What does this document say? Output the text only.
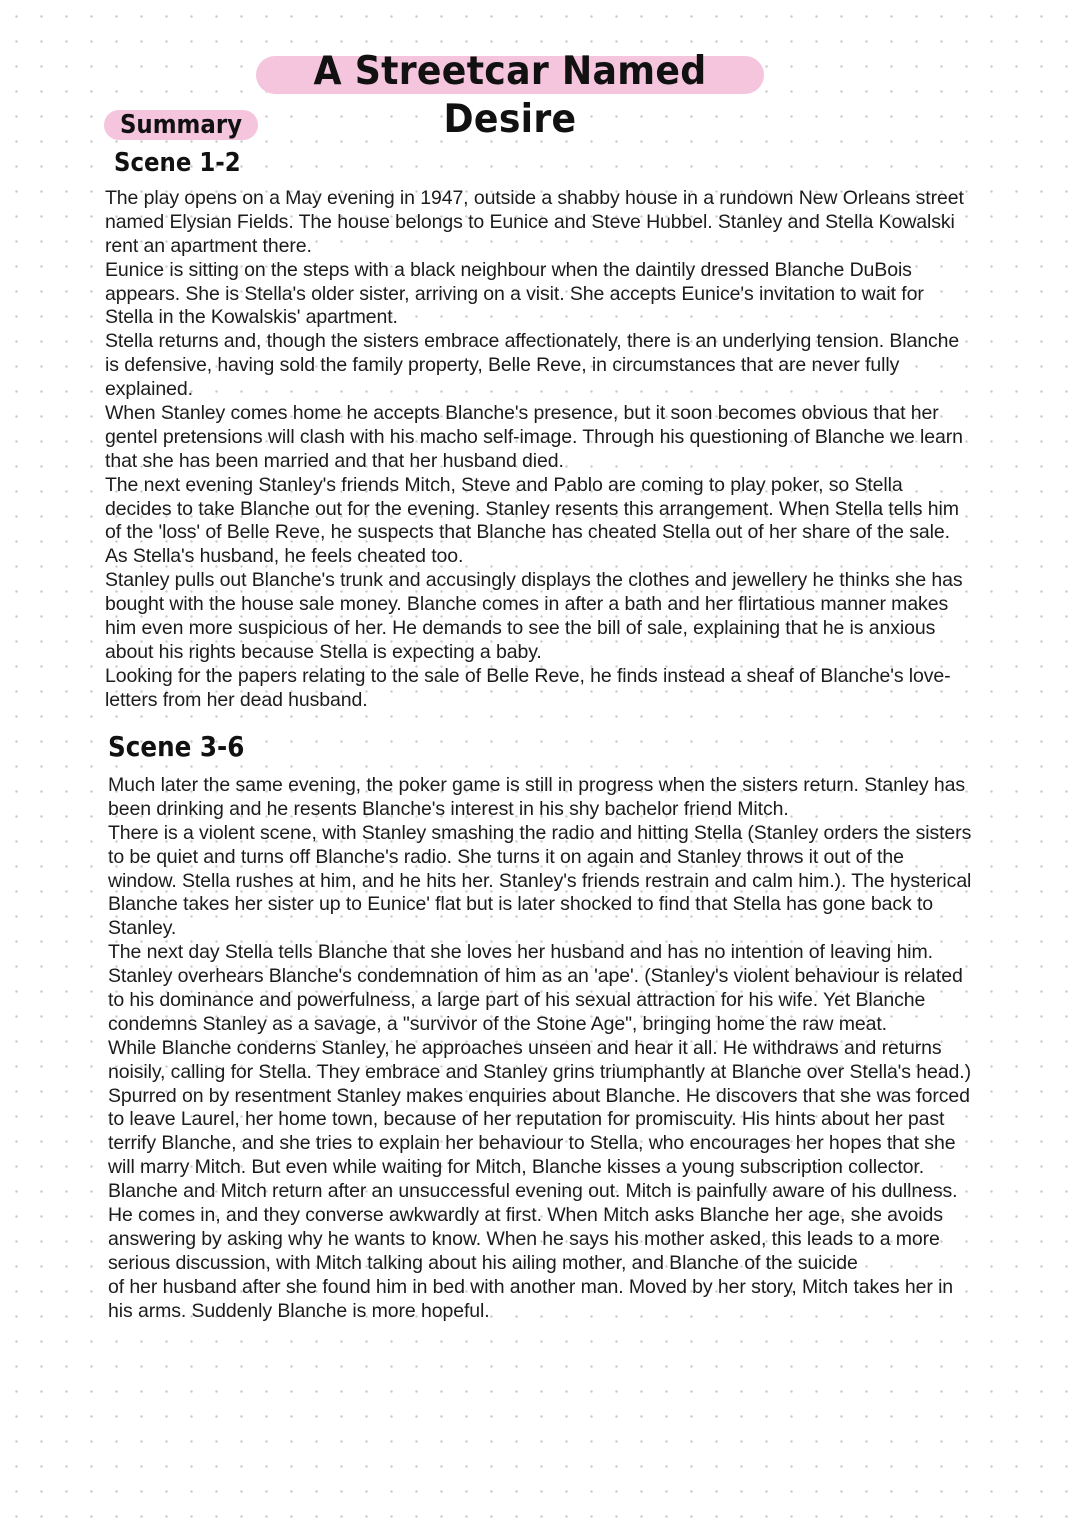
A Streetcar Named Desire
Summary
Scene 1-2
The play opens on a May evening in 1947, outside a shabby house in a rundown New Orleans street
named Elysian Fields. The house belongs to Eunice and Steve Hubbel. Stanley and Stella Kowalski
rent an apartment there.
Eunice is sitting on the steps with a black neighbour when the daintily dressed Blanche DuBois
appears. She is Stella's older sister, arriving on a visit. She accepts Eunice's invitation to wait for
Stella in the Kowalskis' apartment.
Stella returns and, though the sisters embrace affectionately, there is an underlying tension. Blanche
is defensive, having sold the family property, Belle Reve, in circumstances that are never fully
explained.
When Stanley comes home he accepts Blanche's presence, but it soon becomes obvious that her
gentel pretensions will clash with his macho self-image. Through his questioning of Blanche we learn
that she has been married and that her husband died.
The next evening Stanley's friends Mitch, Steve and Pablo are coming to play poker, so Stella
decides to take Blanche out for the evening. Stanley resents this arrangement. When Stella tells him
of the 'loss' of Belle Reve, he suspects that Blanche has cheated Stella out of her share of the sale.
As Stella's husband, he feels cheated too.
Stanley pulls out Blanche's trunk and accusingly displays the clothes and jewellery he thinks she has
bought with the house sale money. Blanche comes in after a bath and her flirtatious manner makes
him even more suspicious of her. He demands to see the bill of sale, explaining that he is anxious
about his rights because Stella is expecting a baby.
Looking for the papers relating to the sale of Belle Reve, he finds instead a sheaf of Blanche's love-
letters from her dead husband.
Scene 3-6
Much later the same evening, the poker game is still in progress when the sisters return. Stanley has
been drinking and he resents Blanche's interest in his shy bachelor friend Mitch.
There is a violent scene, with Stanley smashing the radio and hitting Stella (Stanley orders the sisters
to be quiet and turns off Blanche's radio. She turns it on again and Stanley throws it out of the
window. Stella rushes at him, and he hits her. Stanley's friends restrain and calm him.). The hysterical
Blanche takes her sister up to Eunice' flat but is later shocked to find that Stella has gone back to
Stanley.
The next day Stella tells Blanche that she loves her husband and has no intention of leaving him.
Stanley overhears Blanche's condemnation of him as an 'ape'. (Stanley's violent behaviour is related
to his dominance and powerfulness, a large part of his sexual attraction for his wife. Yet Blanche
condemns Stanley as a savage, a "survivor of the Stone Age", bringing home the raw meat.
While Blanche conderns Stanley, he approaches unseen and hear it all. He withdraws and returns
noisily, calling for Stella. They embrace and Stanley grins triumphantly at Blanche over Stella's head.)
Spurred on by resentment Stanley makes enquiries about Blanche. He discovers that she was forced
to leave Laurel, her home town, because of her reputation for promiscuity. His hints about her past
terrify Blanche, and she tries to explain her behaviour to Stella, who encourages her hopes that she
will marry Mitch. But even while waiting for Mitch, Blanche kisses a young subscription collector.
Blanche and Mitch return after an unsuccessful evening out. Mitch is painfully aware of his dullness.
He comes in, and they converse awkwardly at first. When Mitch asks Blanche her age, she avoids
answering by asking why he wants to know. When he says his mother asked, this leads to a more
serious discussion, with Mitch talking about his ailing mother, and Blanche of the suicide
of her husband after she found him in bed with another man. Moved by her story, Mitch takes her in
his arms. Suddenly Blanche is more hopeful.
